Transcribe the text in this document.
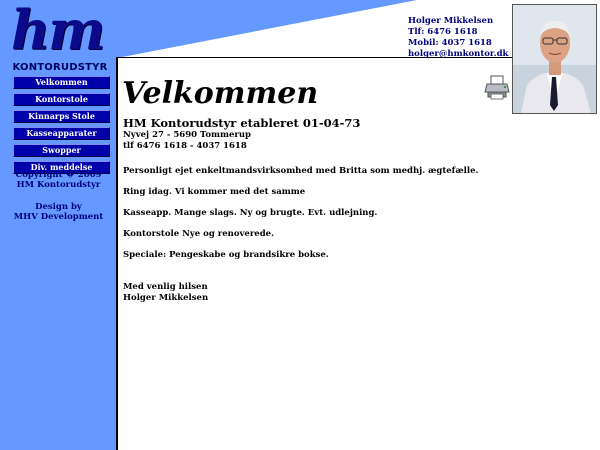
hm
KONTORUDSTYR
Velkommen
Kontorstole
Kinnarps Stole
Kasseapparater
Swopper
Div. meddelse
Copyright � 2009
HM Kontorudstyr
Design by
MHV Development
Holger Mikkelsen
Tlf: 6476 1618
Mobil: 4037 1618
holger@hmkontor.dk
Velkommen
HM Kontorudstyr etableret 01-04-73
Nyvej 27 - 5690 Tommerup
tlf 6476 1618 - 4037 1618
Personligt ejet enkeltmandsvirksomhed med Britta som medhj. ægtefælle.
Ring idag. Vi kommer med det samme
Kasseapp. Mange slags. Ny og brugte. Evt. udlejning.
Kontorstole Nye og renoverede.
Speciale: Pengeskabe og brandsikre bokse.
Med venlig hilsen
Holger Mikkelsen
